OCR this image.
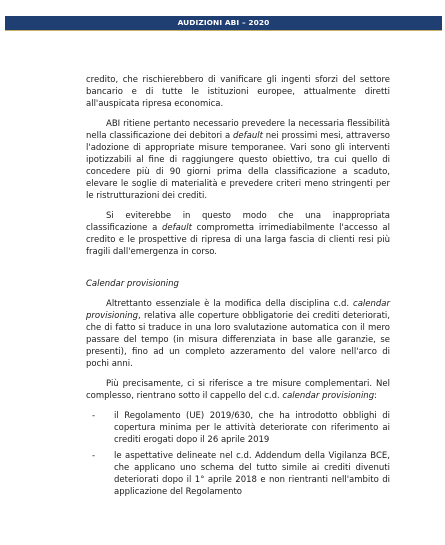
AUDIZIONI ABI – 2020

credito, che rischierebbero di vanificare gli ingenti sforzi del settore bancario e di tutte le istituzioni europee, attualmente diretti all'auspicata ripresa economica.

ABI ritiene pertanto necessario prevedere la necessaria flessibilità nella classificazione dei debitori a default nei prossimi mesi, attraverso l'adozione di appropriate misure temporanee. Vari sono gli interventi ipotizzabili al fine di raggiungere questo obiettivo, tra cui quello di concedere più di 90 giorni prima della classificazione a scaduto, elevare le soglie di materialità e prevedere criteri meno stringenti per le ristrutturazioni dei crediti.

Si eviterebbe in questo modo che una inappropriata classificazione a default comprometta irrimediabilmente l'accesso al credito e le prospettive di ripresa di una larga fascia di clienti resi più fragili dall'emergenza in corso.

Calendar provisioning

Altrettanto essenziale è la modifica della disciplina c.d. calendar provisioning, relativa alle coperture obbligatorie dei crediti deteriorati, che di fatto si traduce in una loro svalutazione automatica con il mero passare del tempo (in misura differenziata in base alle garanzie, se presenti), fino ad un completo azzeramento del valore nell'arco di pochi anni.

Più precisamente, ci si riferisce a tre misure complementari. Nel complesso, rientrano sotto il cappello del c.d. calendar provisioning:

- il Regolamento (UE) 2019/630, che ha introdotto obblighi di copertura minima per le attività deteriorate con riferimento ai crediti erogati dopo il 26 aprile 2019
- le aspettative delineate nel c.d. Addendum della Vigilanza BCE, che applicano uno schema del tutto simile ai crediti divenuti deteriorati dopo il 1° aprile 2018 e non rientranti nell'ambito di applicazione del Regolamento
